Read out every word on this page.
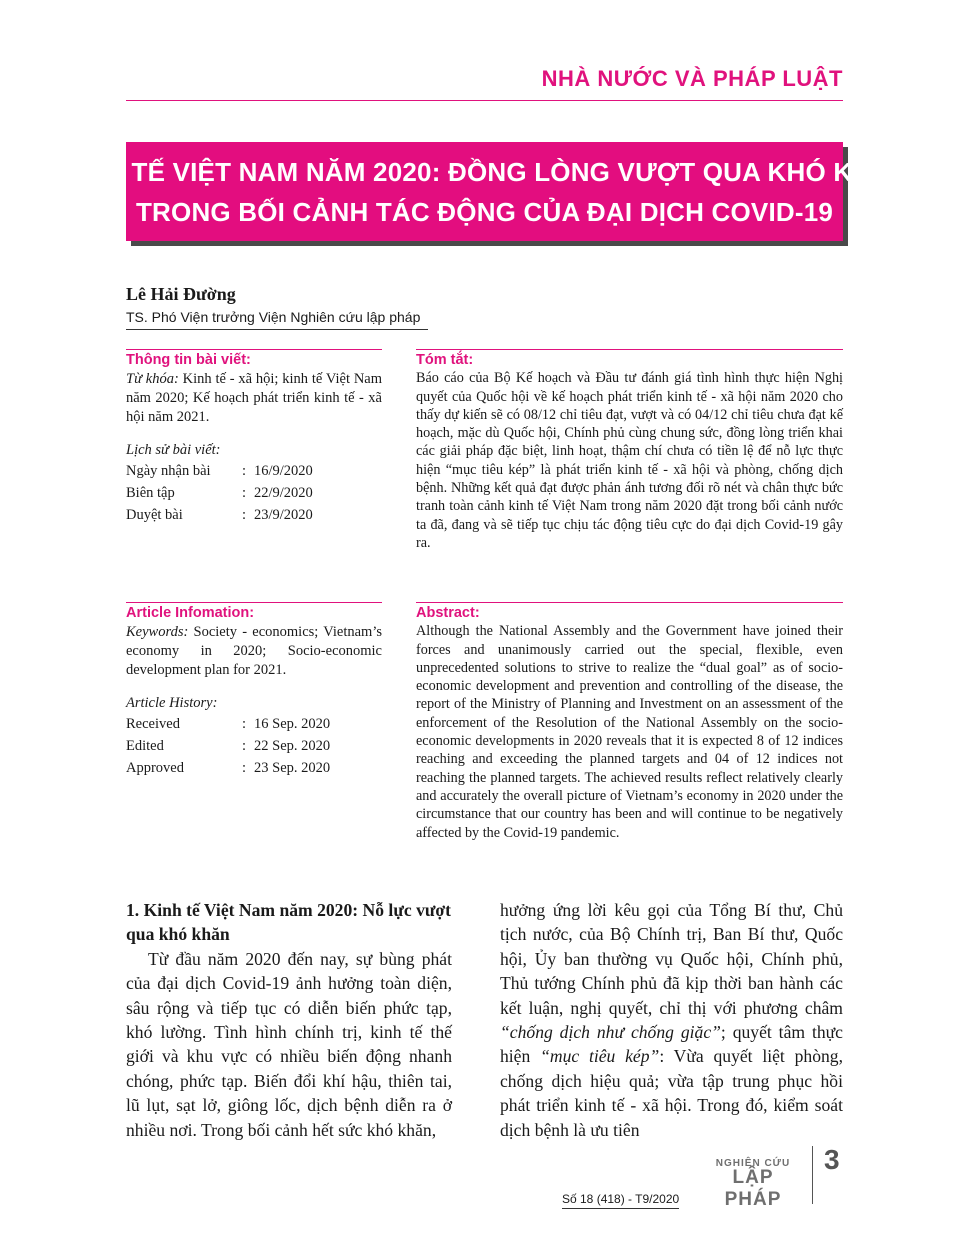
NHÀ NƯỚC VÀ PHÁP LUẬT
KINH TẾ VIỆT NAM NĂM 2020: ĐỒNG LÒNG VƯỢT QUA KHÓ KHĂN
TRONG BỐI CẢNH TÁC ĐỘNG CỦA ĐẠI DỊCH COVID-19
Lê Hải Đường
TS. Phó Viện trưởng Viện Nghiên cứu lập pháp

Thông tin bài viết:

Từ khóa: Kinh tế - xã hội; kinh tế Việt Nam năm 2020; Kế hoạch phát triển kinh tế - xã hội năm 2021.

Lịch sử bài viết:

Ngày nhận bài	: 16/9/2020
Biên tập	: 22/9/2020
Duyệt bài	: 23/9/2020

Tóm tắt:

Báo cáo của Bộ Kế hoạch và Đầu tư đánh giá tình hình thực hiện Nghị quyết của Quốc hội về kế hoạch phát triển kinh tế - xã hội năm 2020 cho thấy dự kiến sẽ có 08/12 chỉ tiêu đạt, vượt và có 04/12 chỉ tiêu chưa đạt kế hoạch, mặc dù Quốc hội, Chính phủ cùng chung sức, đồng lòng triển khai các giải pháp đặc biệt, linh hoạt, thậm chí chưa có tiền lệ để nỗ lực thực hiện “mục tiêu kép” là phát triển kinh tế - xã hội và phòng, chống dịch bệnh. Những kết quả đạt được phản ánh tương đối rõ nét và chân thực bức tranh toàn cảnh kinh tế Việt Nam trong năm 2020 đặt trong bối cảnh nước ta đã, đang và sẽ tiếp tục chịu tác động tiêu cực do đại dịch Covid-19 gây ra.

Article Infomation:

Keywords: Society - economics; Vietnam’s economy in 2020; Socio-economic development plan for 2021.

Article History:

Received	: 16 Sep. 2020
Edited	: 22 Sep. 2020
Approved	: 23 Sep. 2020

Abstract:

Although the National Assembly and the Government have joined their forces and unanimously carried out the special, flexible, even unprecedented solutions to strive to realize the “dual goal” as of socio-economic development and prevention and controlling of the disease, the report of the Ministry of Planning and Investment on an assessment of the enforcement of the Resolution of the National Assembly on the socio-economic developments in 2020 reveals that it is expected 8 of 12 indices reaching and exceeding the planned targets and 04 of 12 indices not reaching the planned targets. The achieved results reflect relatively clearly and accurately the overall picture of Vietnam’s economy in 2020 under the circumstance that our country has been and will continue to be negatively affected by the Covid-19 pandemic.

1. Kinh tế Việt Nam năm 2020: Nỗ lực vượt qua khó khăn

Từ đầu năm 2020 đến nay, sự bùng phát của đại dịch Covid-19 ảnh hưởng toàn diện, sâu rộng và tiếp tục có diễn biến phức tạp, khó lường. Tình hình chính trị, kinh tế thế giới và khu vực có nhiều biến động nhanh chóng, phức tạp. Biến đổi khí hậu, thiên tai, lũ lụt, sạt lở, giông lốc, dịch bệnh diễn ra ở nhiều nơi. Trong bối cảnh hết sức khó khăn,

hưởng ứng lời kêu gọi của Tổng Bí thư, Chủ tịch nước, của Bộ Chính trị, Ban Bí thư, Quốc hội, Ủy ban thường vụ Quốc hội, Chính phủ, Thủ tướng Chính phủ đã kịp thời ban hành các kết luận, nghị quyết, chỉ thị với phương châm “chống dịch như chống giặc”; quyết tâm thực hiện “mục tiêu kép”: Vừa quyết liệt phòng, chống dịch hiệu quả; vừa tập trung phục hồi phát triển kinh tế - xã hội. Trong đó, kiểm soát dịch bệnh là ưu tiên

Số 18 (418) - T9/2020
NGHIÊN CỨU
LẬP PHÁP
3
